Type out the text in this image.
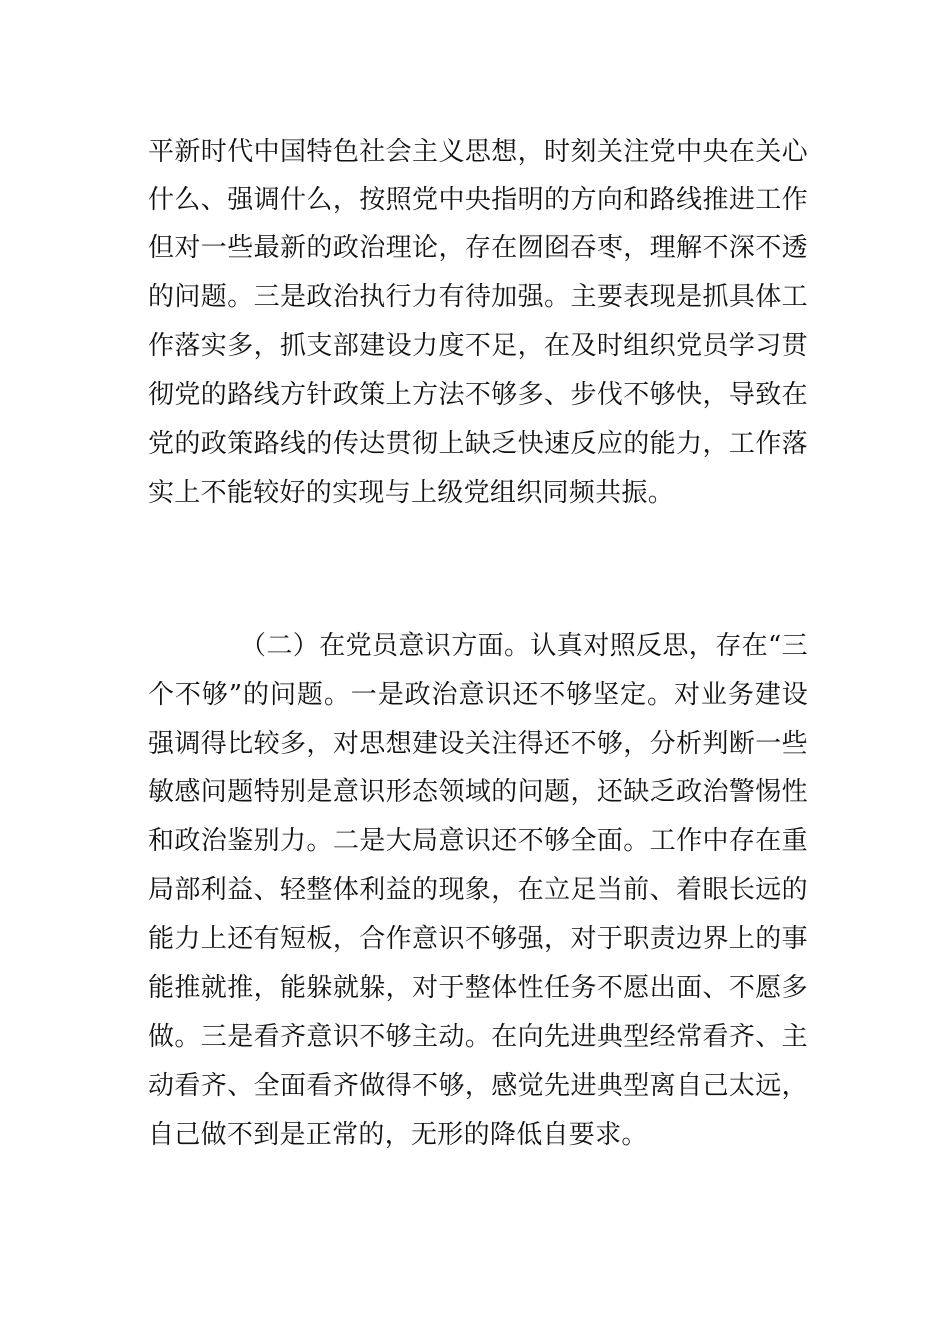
平新时代中国特色社会主义思想，时刻关注党中央在关心
什么、强调什么，按照党中央指明的方向和路线推进工作
但对一些最新的政治理论，存在囫囵吞枣，理解不深不透
的问题。三是政治执行力有待加强。主要表现是抓具体工
作落实多，抓支部建设力度不足，在及时组织党员学习贯
彻党的路线方针政策上方法不够多、步伐不够快，导致在
党的政策路线的传达贯彻上缺乏快速反应的能力，工作落
实上不能较好的实现与上级党组织同频共振。
（二）在党员意识方面。认真对照反思，存在“三
个不够”的问题。一是政治意识还不够坚定。对业务建设
强调得比较多，对思想建设关注得还不够，分析判断一些
敏感问题特别是意识形态领域的问题，还缺乏政治警惕性
和政治鉴别力。二是大局意识还不够全面。工作中存在重
局部利益、轻整体利益的现象，在立足当前、着眼长远的
能力上还有短板，合作意识不够强，对于职责边界上的事
能推就推，能躲就躲，对于整体性任务不愿出面、不愿多
做。三是看齐意识不够主动。在向先进典型经常看齐、主
动看齐、全面看齐做得不够，感觉先进典型离自己太远，
自己做不到是正常的，无形的降低自要求。
